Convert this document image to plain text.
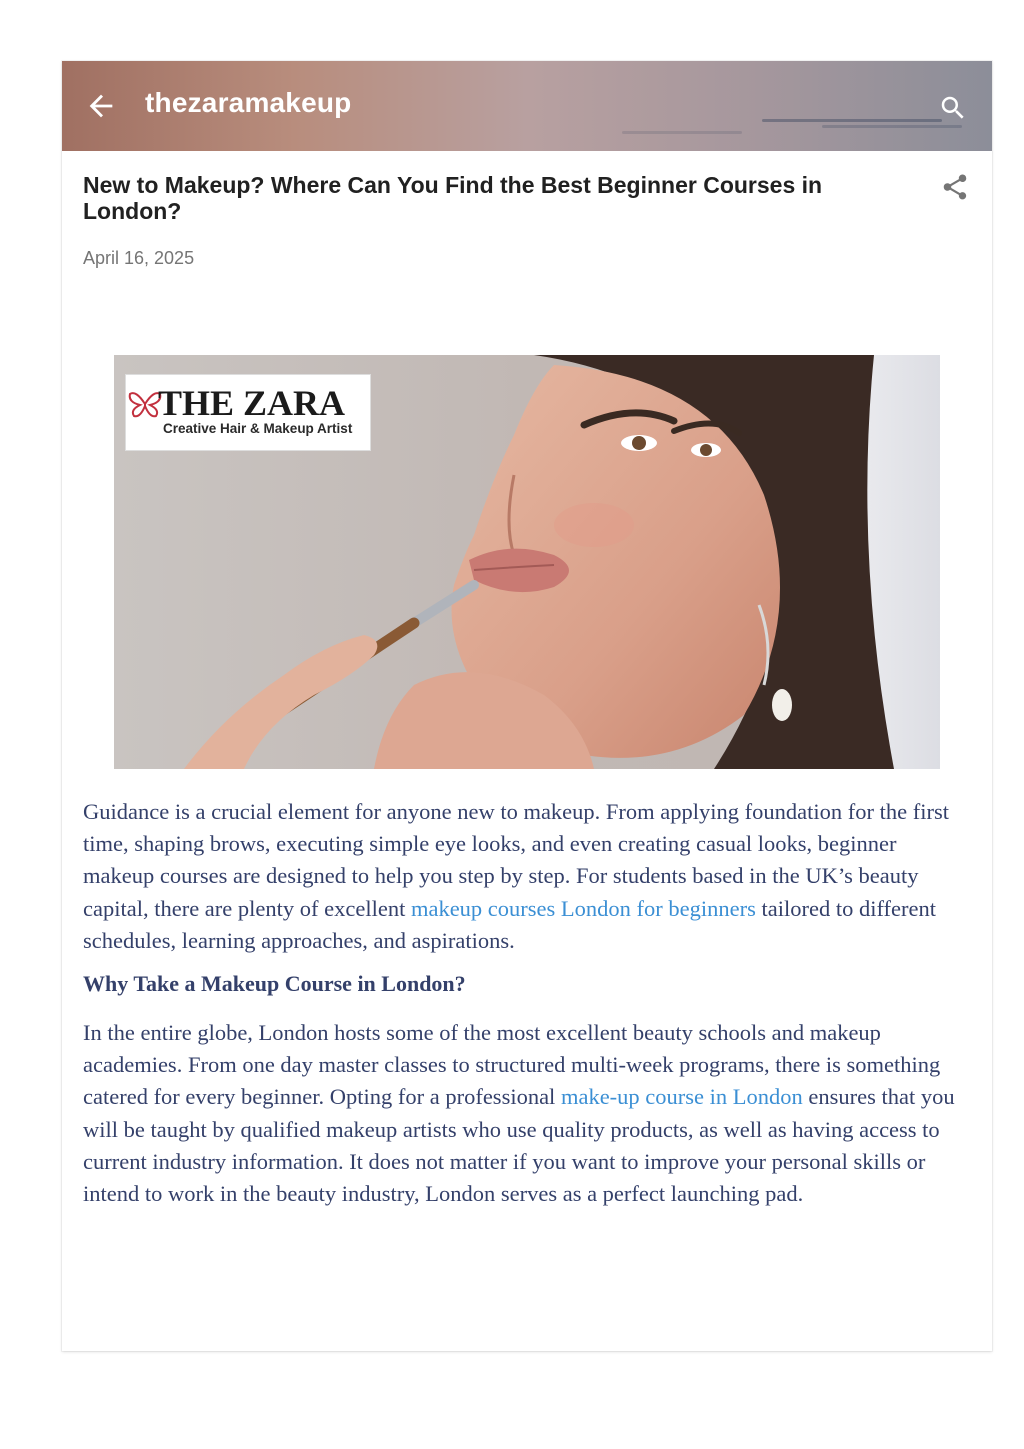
thezaramakeup
New to Makeup? Where Can You Find the Best Beginner Courses in London?
April 16, 2025
THE ZARA
Creative Hair & Makeup Artist

Guidance is a crucial element for anyone new to makeup. From applying foundation for the first time, shaping brows, executing simple eye looks, and even creating casual looks, beginner makeup courses are designed to help you step by step. For students based in the UK’s beauty capital, there are plenty of excellent makeup courses London for beginners tailored to different schedules, learning approaches, and aspirations.

Why Take a Makeup Course in London?

In the entire globe, London hosts some of the most excellent beauty schools and makeup academies. From one day master classes to structured multi-week programs, there is something catered for every beginner. Opting for a professional make-up course in London ensures that you will be taught by qualified makeup artists who use quality products, as well as having access to current industry information. It does not matter if you want to improve your personal skills or intend to work in the beauty industry, London serves as a perfect launching pad.
